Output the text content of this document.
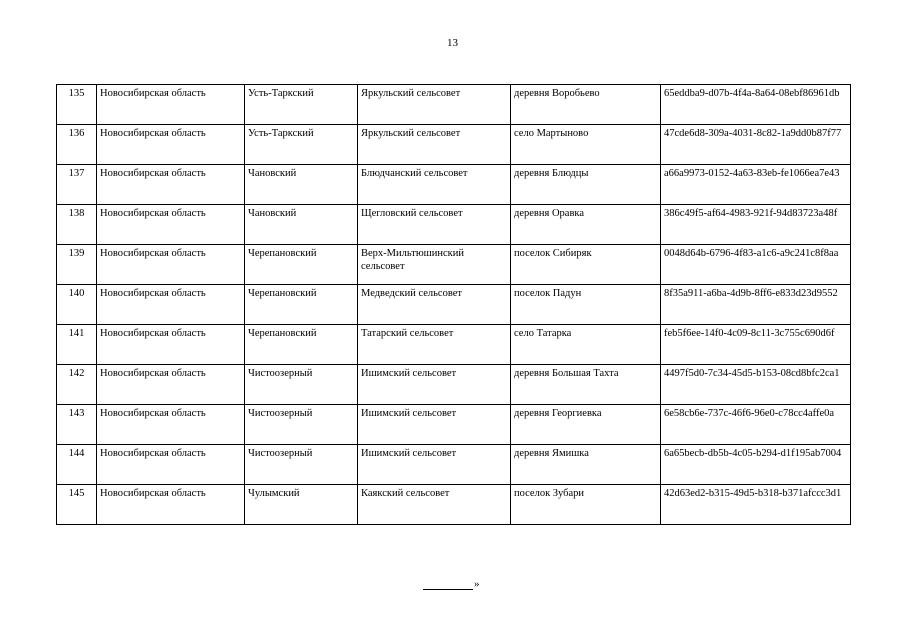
13
135	Новосибирская область	Усть-Таркский	Яркульский сельсовет	деревня Воробьево	65eddba9-d07b-4f4a-8a64-08ebf86961db
136	Новосибирская область	Усть-Таркский	Яркульский сельсовет	село Мартыново	47cde6d8-309a-4031-8c82-1a9dd0b87f77
137	Новосибирская область	Чановский	Блюдчанский сельсовет	деревня Блюдцы	a66a9973-0152-4a63-83eb-fe1066ea7e43
138	Новосибирская область	Чановский	Щегловский сельсовет	деревня Оравка	386c49f5-af64-4983-921f-94d83723a48f
139	Новосибирская область	Черепановский	Верх-Мильтюшинский сельсовет	поселок Сибиряк	0048d64b-6796-4f83-a1c6-a9c241c8f8aa
140	Новосибирская область	Черепановский	Медведский сельсовет	поселок Падун	8f35a911-a6ba-4d9b-8ff6-e833d23d9552
141	Новосибирская область	Черепановский	Татарский сельсовет	село Татарка	feb5f6ee-14f0-4c09-8c11-3c755c690d6f
142	Новосибирская область	Чистоозерный	Ишимский сельсовет	деревня Большая Тахта	4497f5d0-7c34-45d5-b153-08cd8bfc2ca1
143	Новосибирская область	Чистоозерный	Ишимский сельсовет	деревня Георгиевка	6e58cb6e-737c-46f6-96e0-c78cc4affe0a
144	Новосибирская область	Чистоозерный	Ишимский сельсовет	деревня Ямишка	6a65becb-db5b-4c05-b294-d1f195ab7004
145	Новосибирская область	Чулымский	Каякский сельсовет	поселок Зубари	42d63ed2-b315-49d5-b318-b371afccc3d1
»
